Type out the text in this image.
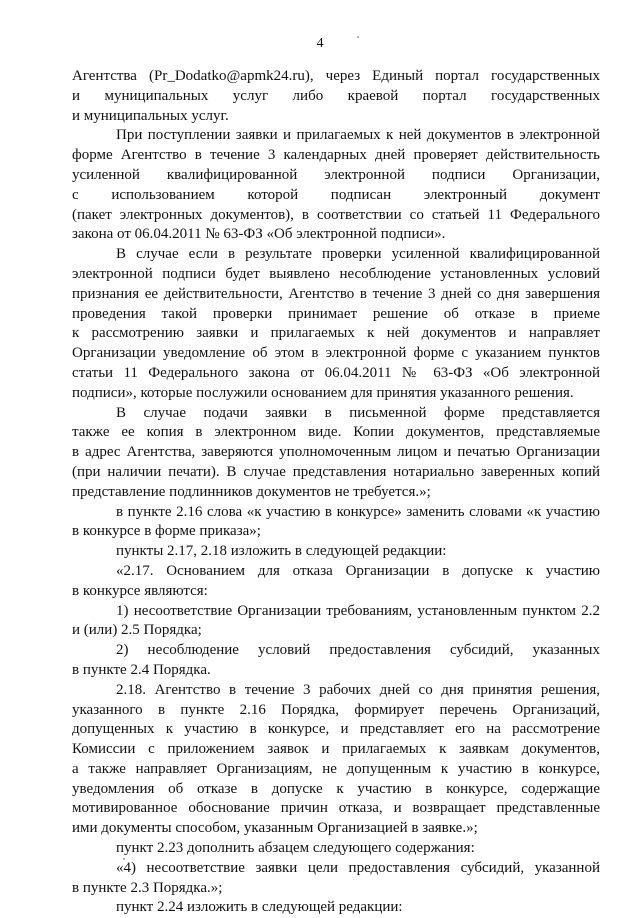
4
Агентства (Pr_Dodatko@apmk24.ru), через Единый портал государственных
и муниципальных услуг либо краевой портал государственных
и муниципальных услуг.
При поступлении заявки и прилагаемых к ней документов в электронной
форме Агентство в течение 3 календарных дней проверяет действительность
усиленной квалифицированной электронной подписи Организации,
с использованием которой подписан электронный документ
(пакет электронных документов), в соответствии со статьей 11 Федерального
закона от 06.04.2011 № 63-ФЗ «Об электронной подписи».
В случае если в результате проверки усиленной квалифицированной
электронной подписи будет выявлено несоблюдение установленных условий
признания ее действительности, Агентство в течение 3 дней со дня завершения
проведения такой проверки принимает решение об отказе в приеме
к рассмотрению заявки и прилагаемых к ней документов и направляет
Организации уведомление об этом в электронной форме с указанием пунктов
статьи 11 Федерального закона от 06.04.2011 № 63-ФЗ «Об электронной
подписи», которые послужили основанием для принятия указанного решения.
В случае подачи заявки в письменной форме представляется
также ее копия в электронном виде. Копии документов, представляемые
в адрес Агентства, заверяются уполномоченным лицом и печатью Организации
(при наличии печати). В случае представления нотариально заверенных копий
представление подлинников документов не требуется.»;
в пункте 2.16 слова «к участию в конкурсе» заменить словами «к участию
в конкурсе в форме приказа»;
пункты 2.17, 2.18 изложить в следующей редакции:
«2.17. Основанием для отказа Организации в допуске к участию
в конкурсе являются:
1) несоответствие Организации требованиям, установленным пунктом 2.2
и (или) 2.5 Порядка;
2) несоблюдение условий предоставления субсидий, указанных
в пункте 2.4 Порядка.
2.18. Агентство в течение 3 рабочих дней со дня принятия решения,
указанного в пункте 2.16 Порядка, формирует перечень Организаций,
допущенных к участию в конкурсе, и представляет его на рассмотрение
Комиссии с приложением заявок и прилагаемых к заявкам документов,
а также направляет Организациям, не допущенным к участию в конкурсе,
уведомления об отказе в допуске к участию в конкурсе, содержащие
мотивированное обоснование причин отказа, и возвращает представленные
ими документы способом, указанным Организацией в заявке.»;
пункт 2.23 дополнить абзацем следующего содержания:
«4) несоответствие заявки цели предоставления субсидий, указанной
в пункте 2.3 Порядка.»;
пункт 2.24 изложить в следующей редакции:
